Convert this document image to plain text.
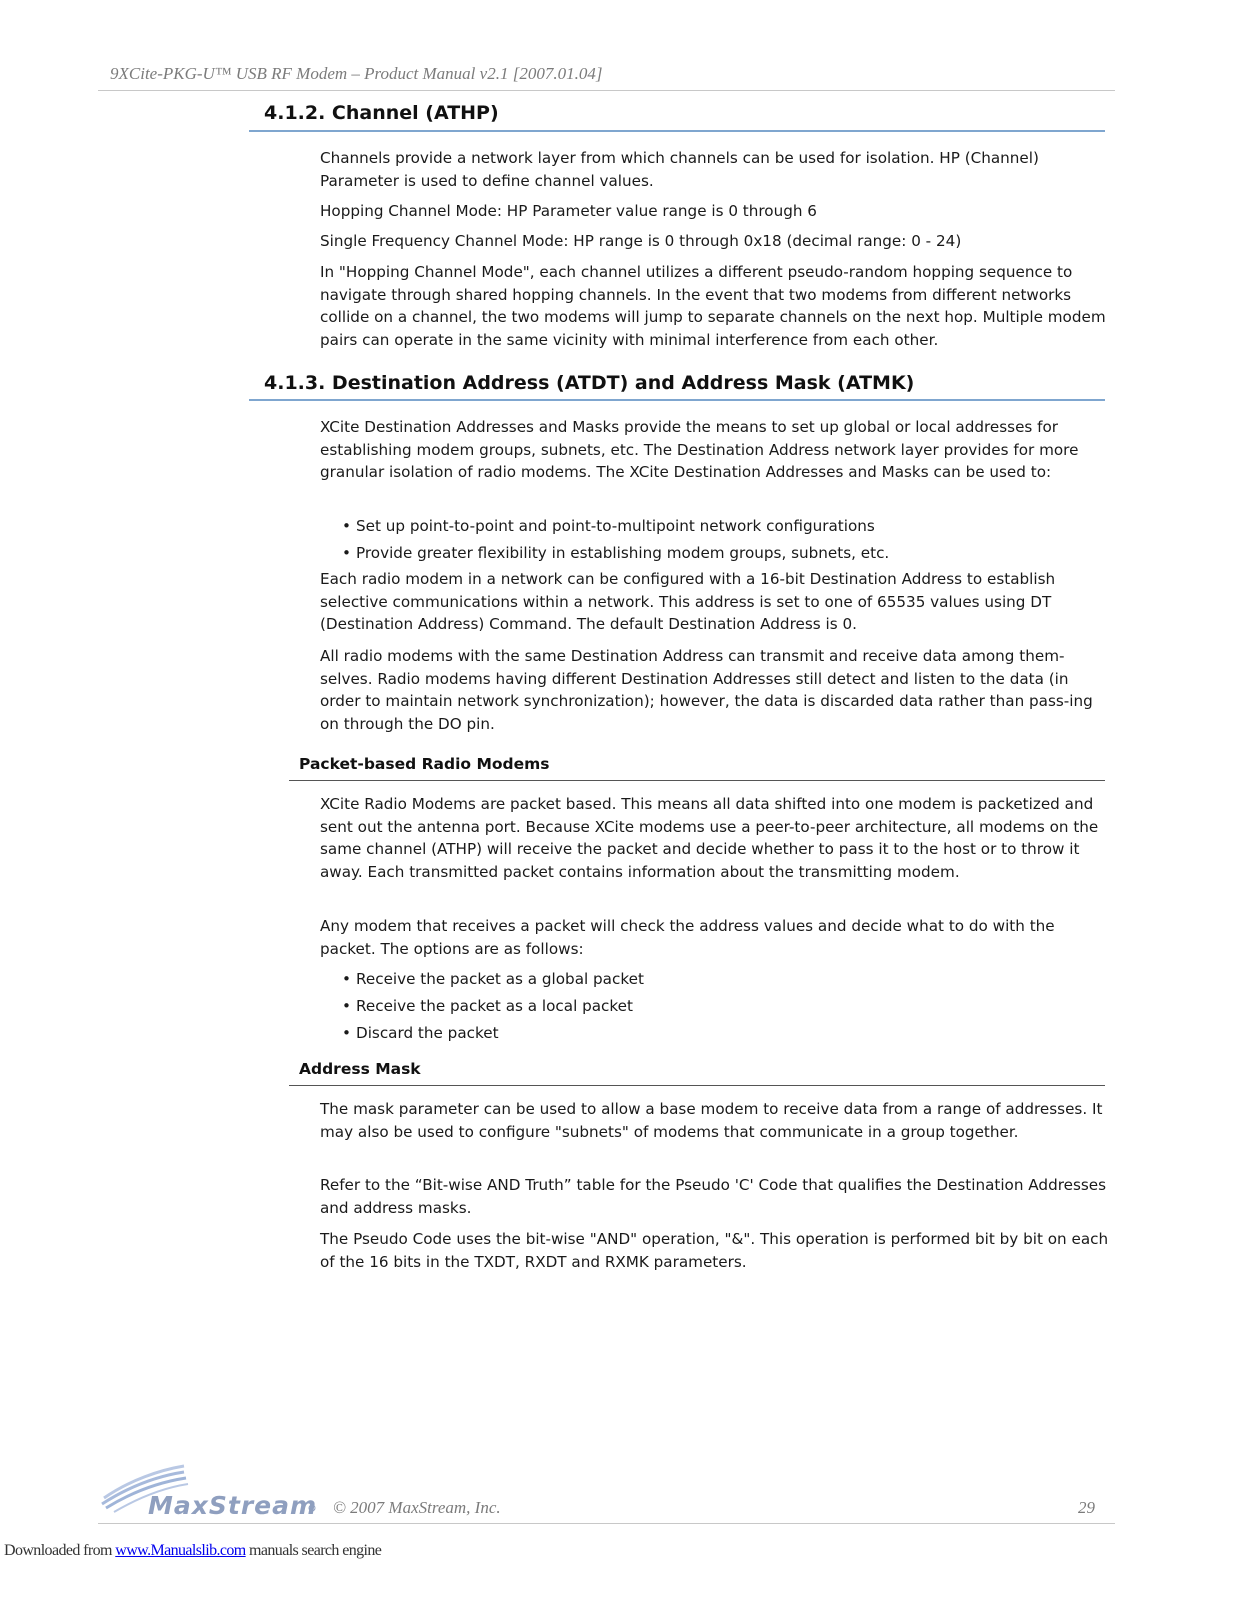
9XCite-PKG-U™ USB RF Modem – Product Manual v2.1 [2007.01.04]
4.1.2. Channel (ATHP)

Channels provide a network layer from which channels can be used for isolation. HP (Channel) Parameter is used to define channel values.

Hopping Channel Mode: HP Parameter value range is 0 through 6

Single Frequency Channel Mode: HP range is 0 through 0x18 (decimal range: 0 - 24)

In "Hopping Channel Mode", each channel utilizes a different pseudo-random hopping sequence to navigate through shared hopping channels. In the event that two modems from different networks collide on a channel, the two modems will jump to separate channels on the next hop. Multiple modem pairs can operate in the same vicinity with minimal interference from each other.

4.1.3. Destination Address (ATDT) and Address Mask (ATMK)

XCite Destination Addresses and Masks provide the means to set up global or local addresses for establishing modem groups, subnets, etc. The Destination Address network layer provides for more granular isolation of radio modems. The XCite Destination Addresses and Masks can be used to:

• Set up point-to-point and point-to-multipoint network configurations
• Provide greater flexibility in establishing modem groups, subnets, etc.

Each radio modem in a network can be configured with a 16-bit Destination Address to establish selective communications within a network. This address is set to one of 65535 values using DT (Destination Address) Command. The default Destination Address is 0.

All radio modems with the same Destination Address can transmit and receive data among them-selves. Radio modems having different Destination Addresses still detect and listen to the data (in order to maintain network synchronization); however, the data is discarded data rather than pass-ing on through the DO pin.

Packet-based Radio Modems

XCite Radio Modems are packet based. This means all data shifted into one modem is packetized and sent out the antenna port. Because XCite modems use a peer-to-peer architecture, all modems on the same channel (ATHP) will receive the packet and decide whether to pass it to the host or to throw it away. Each transmitted packet contains information about the transmitting modem.

Any modem that receives a packet will check the address values and decide what to do with the packet. The options are as follows:

• Receive the packet as a global packet
• Receive the packet as a local packet
• Discard the packet
Address Mask

The mask parameter can be used to allow a base modem to receive data from a range of addresses. It may also be used to configure "subnets" of modems that communicate in a group together.

Refer to the “Bit-wise AND Truth” table for the Pseudo 'C' Code that qualifies the Destination Addresses and address masks.

The Pseudo Code uses the bit-wise "AND" operation, "&". This operation is performed bit by bit on each of the 16 bits in the TXDT, RXDT and RXMK parameters.

MaxStream © 2007 MaxStream, Inc.	29
Downloaded from www.Manualslib.com manuals search engine
